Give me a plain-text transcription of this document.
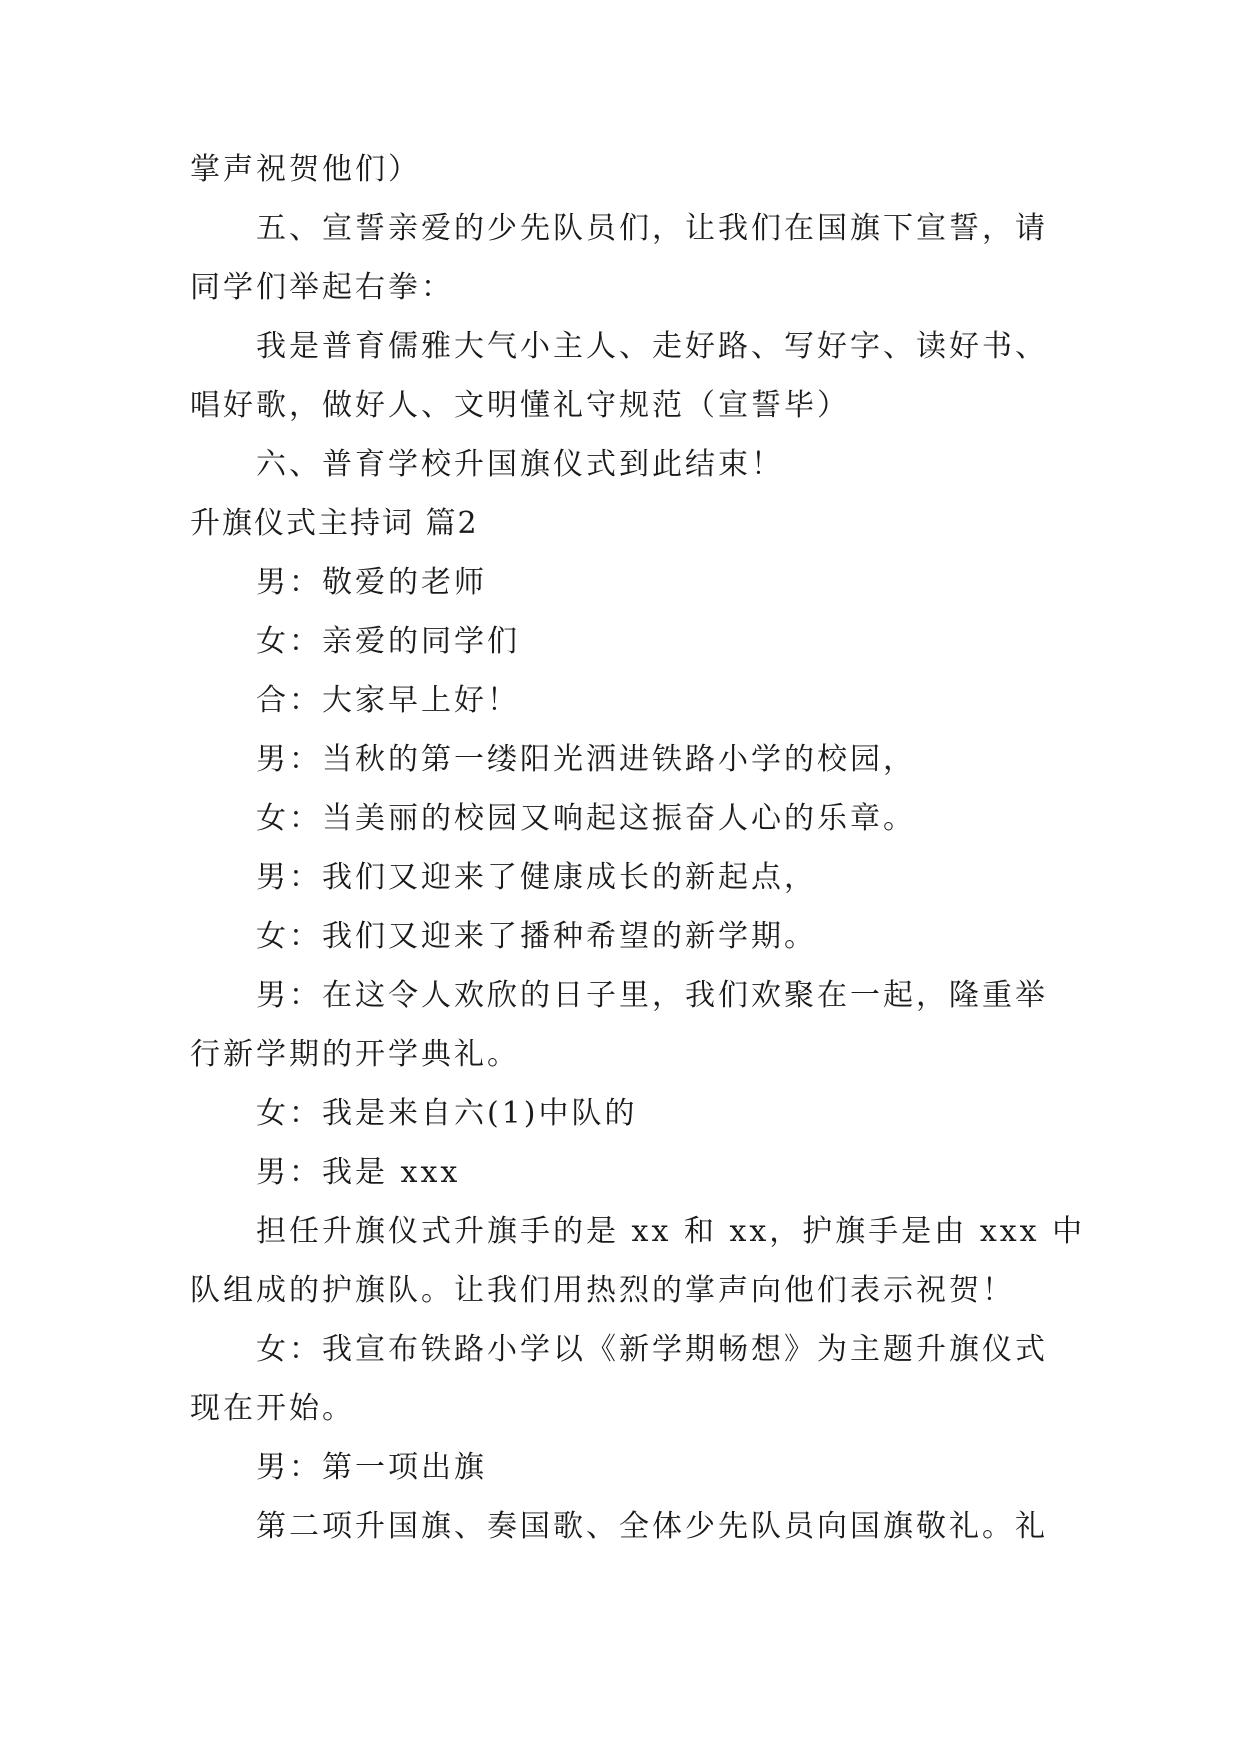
掌声祝贺他们）
五、宣誓亲爱的少先队员们，让我们在国旗下宣誓，请
同学们举起右拳：
我是普育儒雅大气小主人、走好路、写好字、读好书、
唱好歌，做好人、文明懂礼守规范（宣誓毕）
六、普育学校升国旗仪式到此结束！
升旗仪式主持词 篇2
男：敬爱的老师
女：亲爱的同学们
合：大家早上好！
男：当秋的第一缕阳光洒进铁路小学的校园，
女：当美丽的校园又响起这振奋人心的乐章。
男：我们又迎来了健康成长的新起点，
女：我们又迎来了播种希望的新学期。
男：在这令人欢欣的日子里，我们欢聚在一起，隆重举
行新学期的开学典礼。
女：我是来自六(1)中队的
男：我是 xxx
担任升旗仪式升旗手的是 xx 和 xx，护旗手是由 xxx 中
队组成的护旗队。让我们用热烈的掌声向他们表示祝贺！
女：我宣布铁路小学以《新学期畅想》为主题升旗仪式
现在开始。
男：第一项出旗
第二项升国旗、奏国歌、全体少先队员向国旗敬礼。礼
